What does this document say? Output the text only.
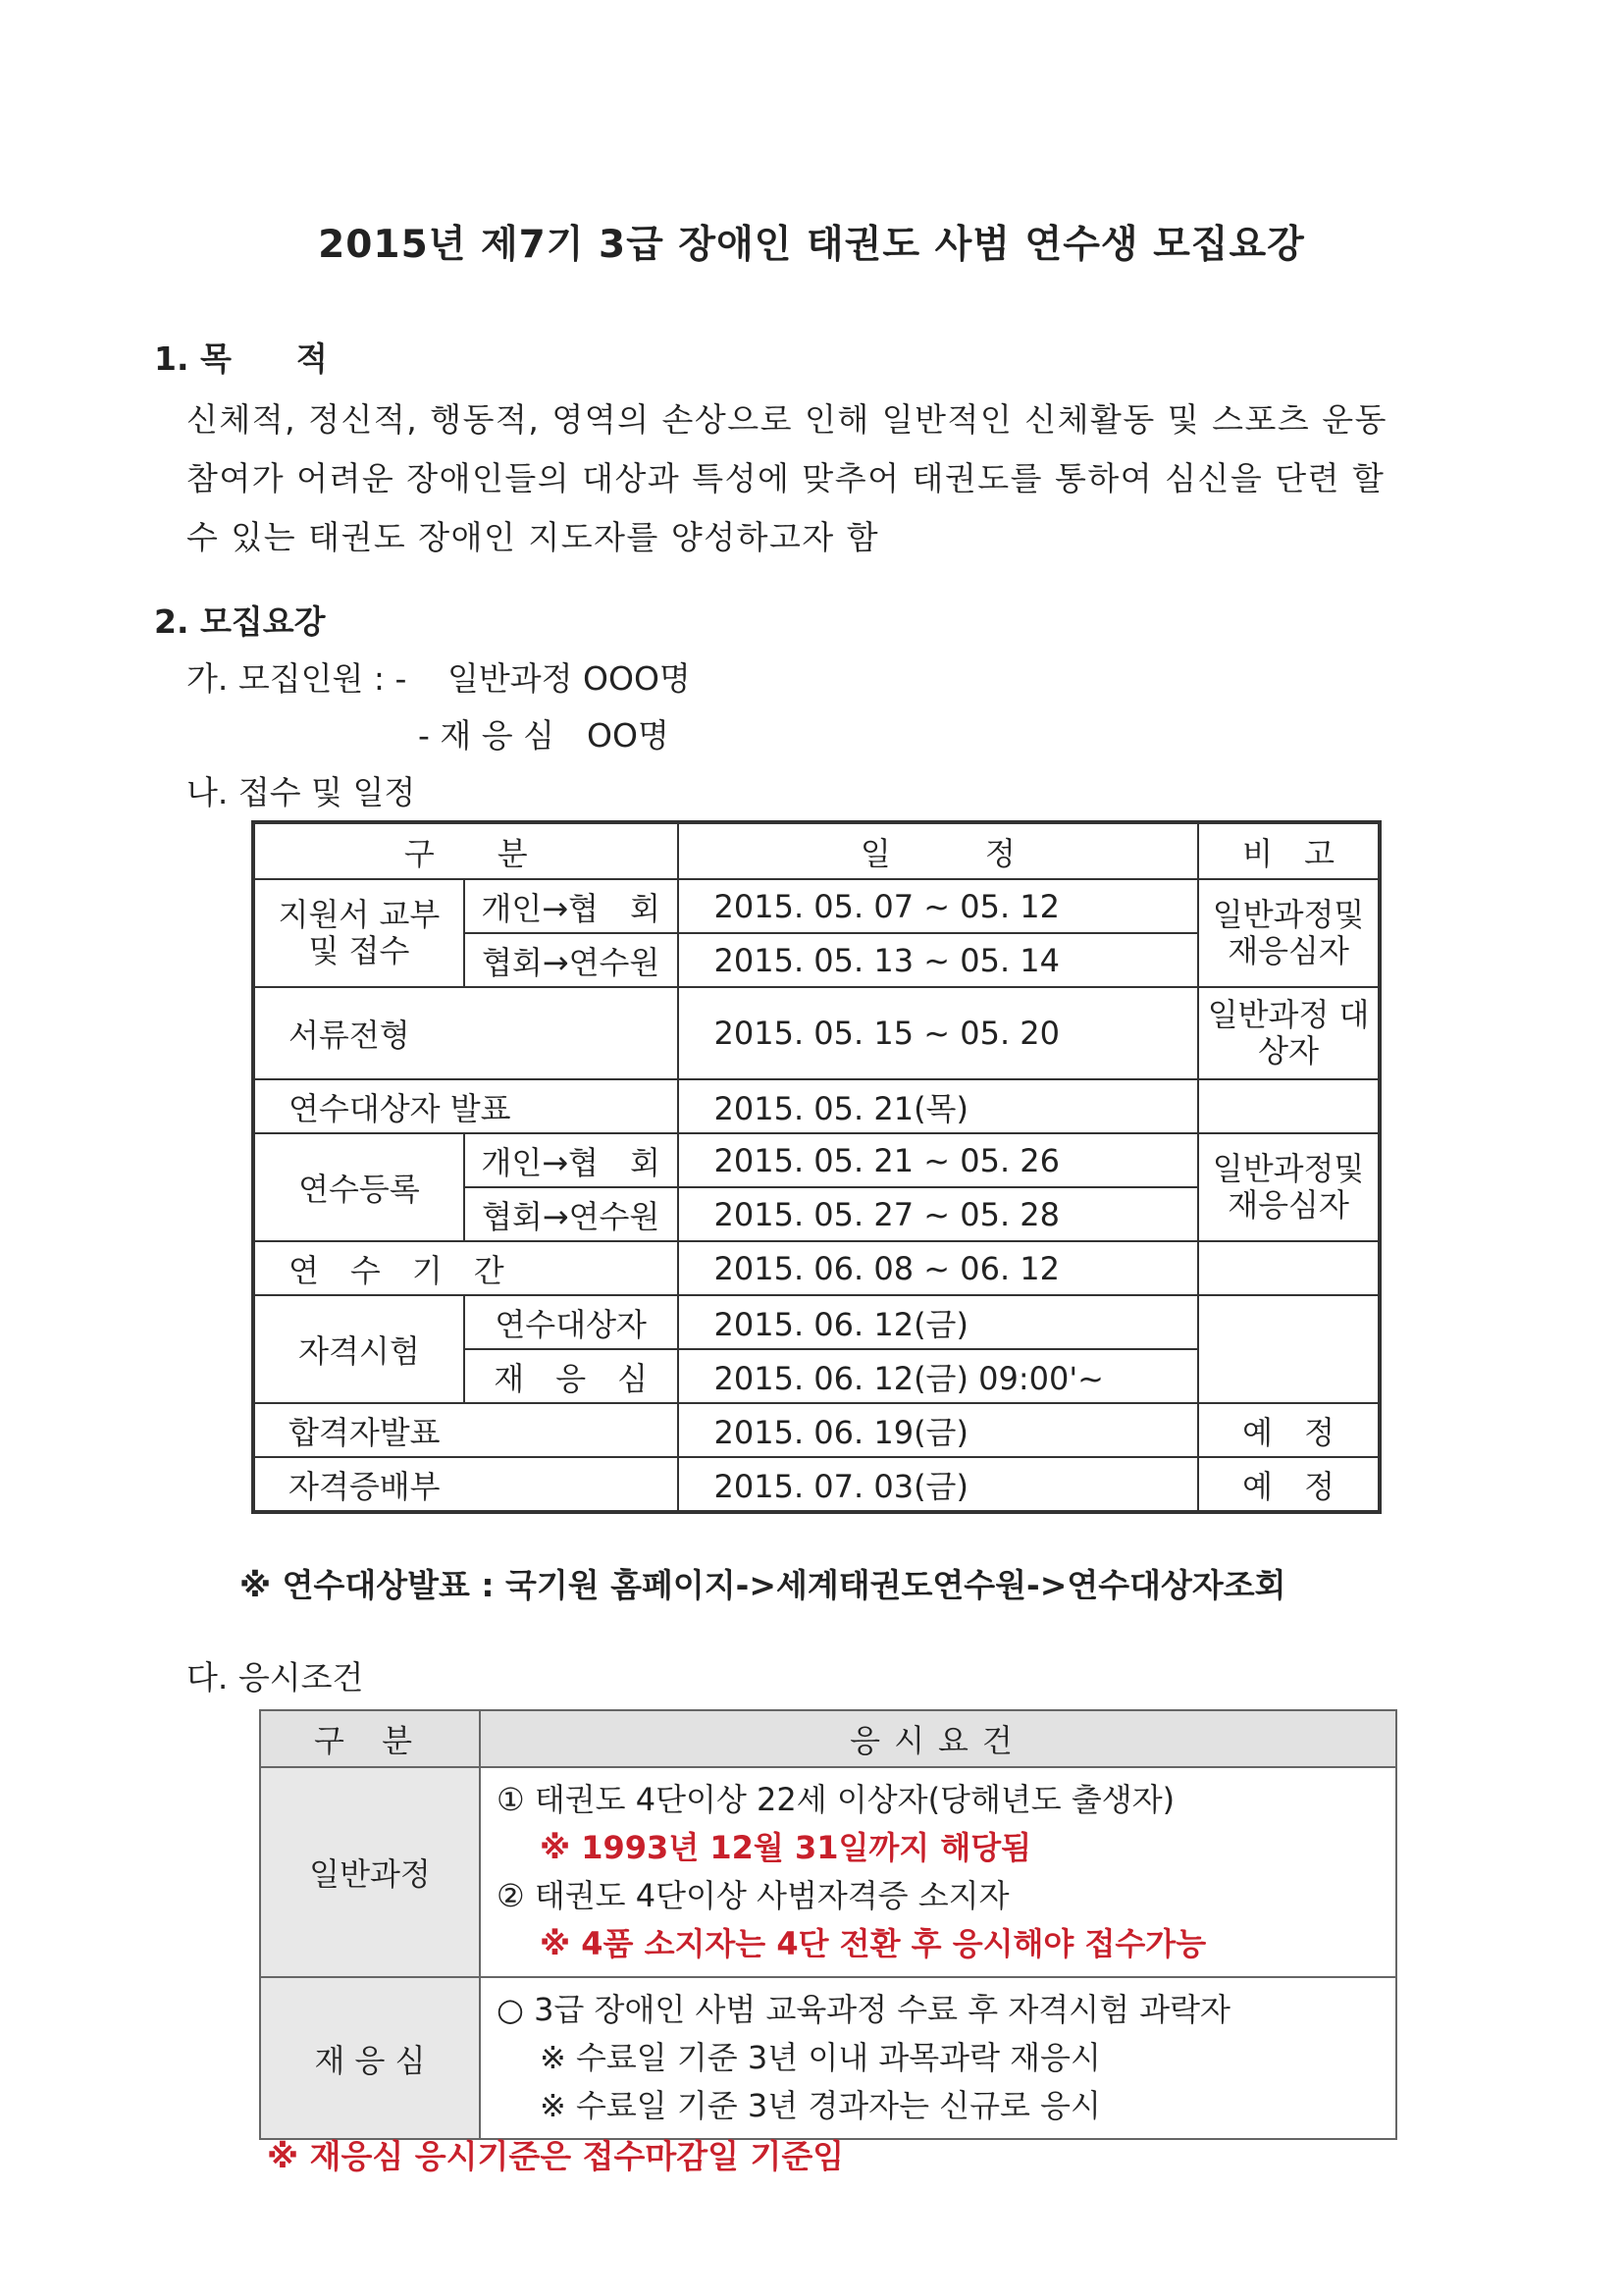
2015년 제7기 3급 장애인 태권도 사범 연수생 모집요강
1. 목　　적
신체적, 정신적, 행동적, 영역의 손상으로 인해 일반적인 신체활동 및 스포츠 운동
참여가 어려운 장애인들의 대상과 특성에 맞추어 태권도를 통하여 심신을 단련 할
수 있는 태권도 장애인 지도자를 양성하고자 함
2. 모집요강
가. 모집인원 : - 일반과정 OOO명
- 재 응 심　OO명
나. 접수 및 일정
구　　분		일　　　정	비　고
지원서 교부 및 접수	개인→협　회	2015. 05. 07 ~ 05. 12	일반과정및 재응심자
	협회→연수원	2015. 05. 13 ~ 05. 14	
서류전형		2015. 05. 15 ~ 05. 20	일반과정 대상자
연수대상자 발표		2015. 05. 21(목)	
연수등록	개인→협　회	2015. 05. 21 ~ 05. 26	일반과정및 재응심자
	협회→연수원	2015. 05. 27 ~ 05. 28	
연　수　기　간		2015. 06. 08 ~ 06. 12	
자격시험	연수대상자	2015. 06. 12(금)	
	재　응　심	2015. 06. 12(금) 09:00'~	
합격자발표		2015. 06. 19(금)	예　정
자격증배부		2015. 07. 03(금)	예　정
※ 연수대상발표 : 국기원 홈페이지->세계태권도연수원->연수대상자조회
다. 응시조건
구 분	응시요건
일반과정	① 태권도 4단이상 22세 이상자(당해년도 출생자)
※ 1993년 12월 31일까지 해당됨
② 태권도 4단이상 사범자격증 소지자
※ 4품 소지자는 4단 전환 후 응시해야 접수가능

재 응 심	○ 3급 장애인 사범 교육과정 수료 후 자격시험 과락자
※ 수료일 기준 3년 이내 과목과락 재응시
※ 수료일 기준 3년 경과자는 신규로 응시
※ 재응심 응시기준은 접수마감일 기준임
